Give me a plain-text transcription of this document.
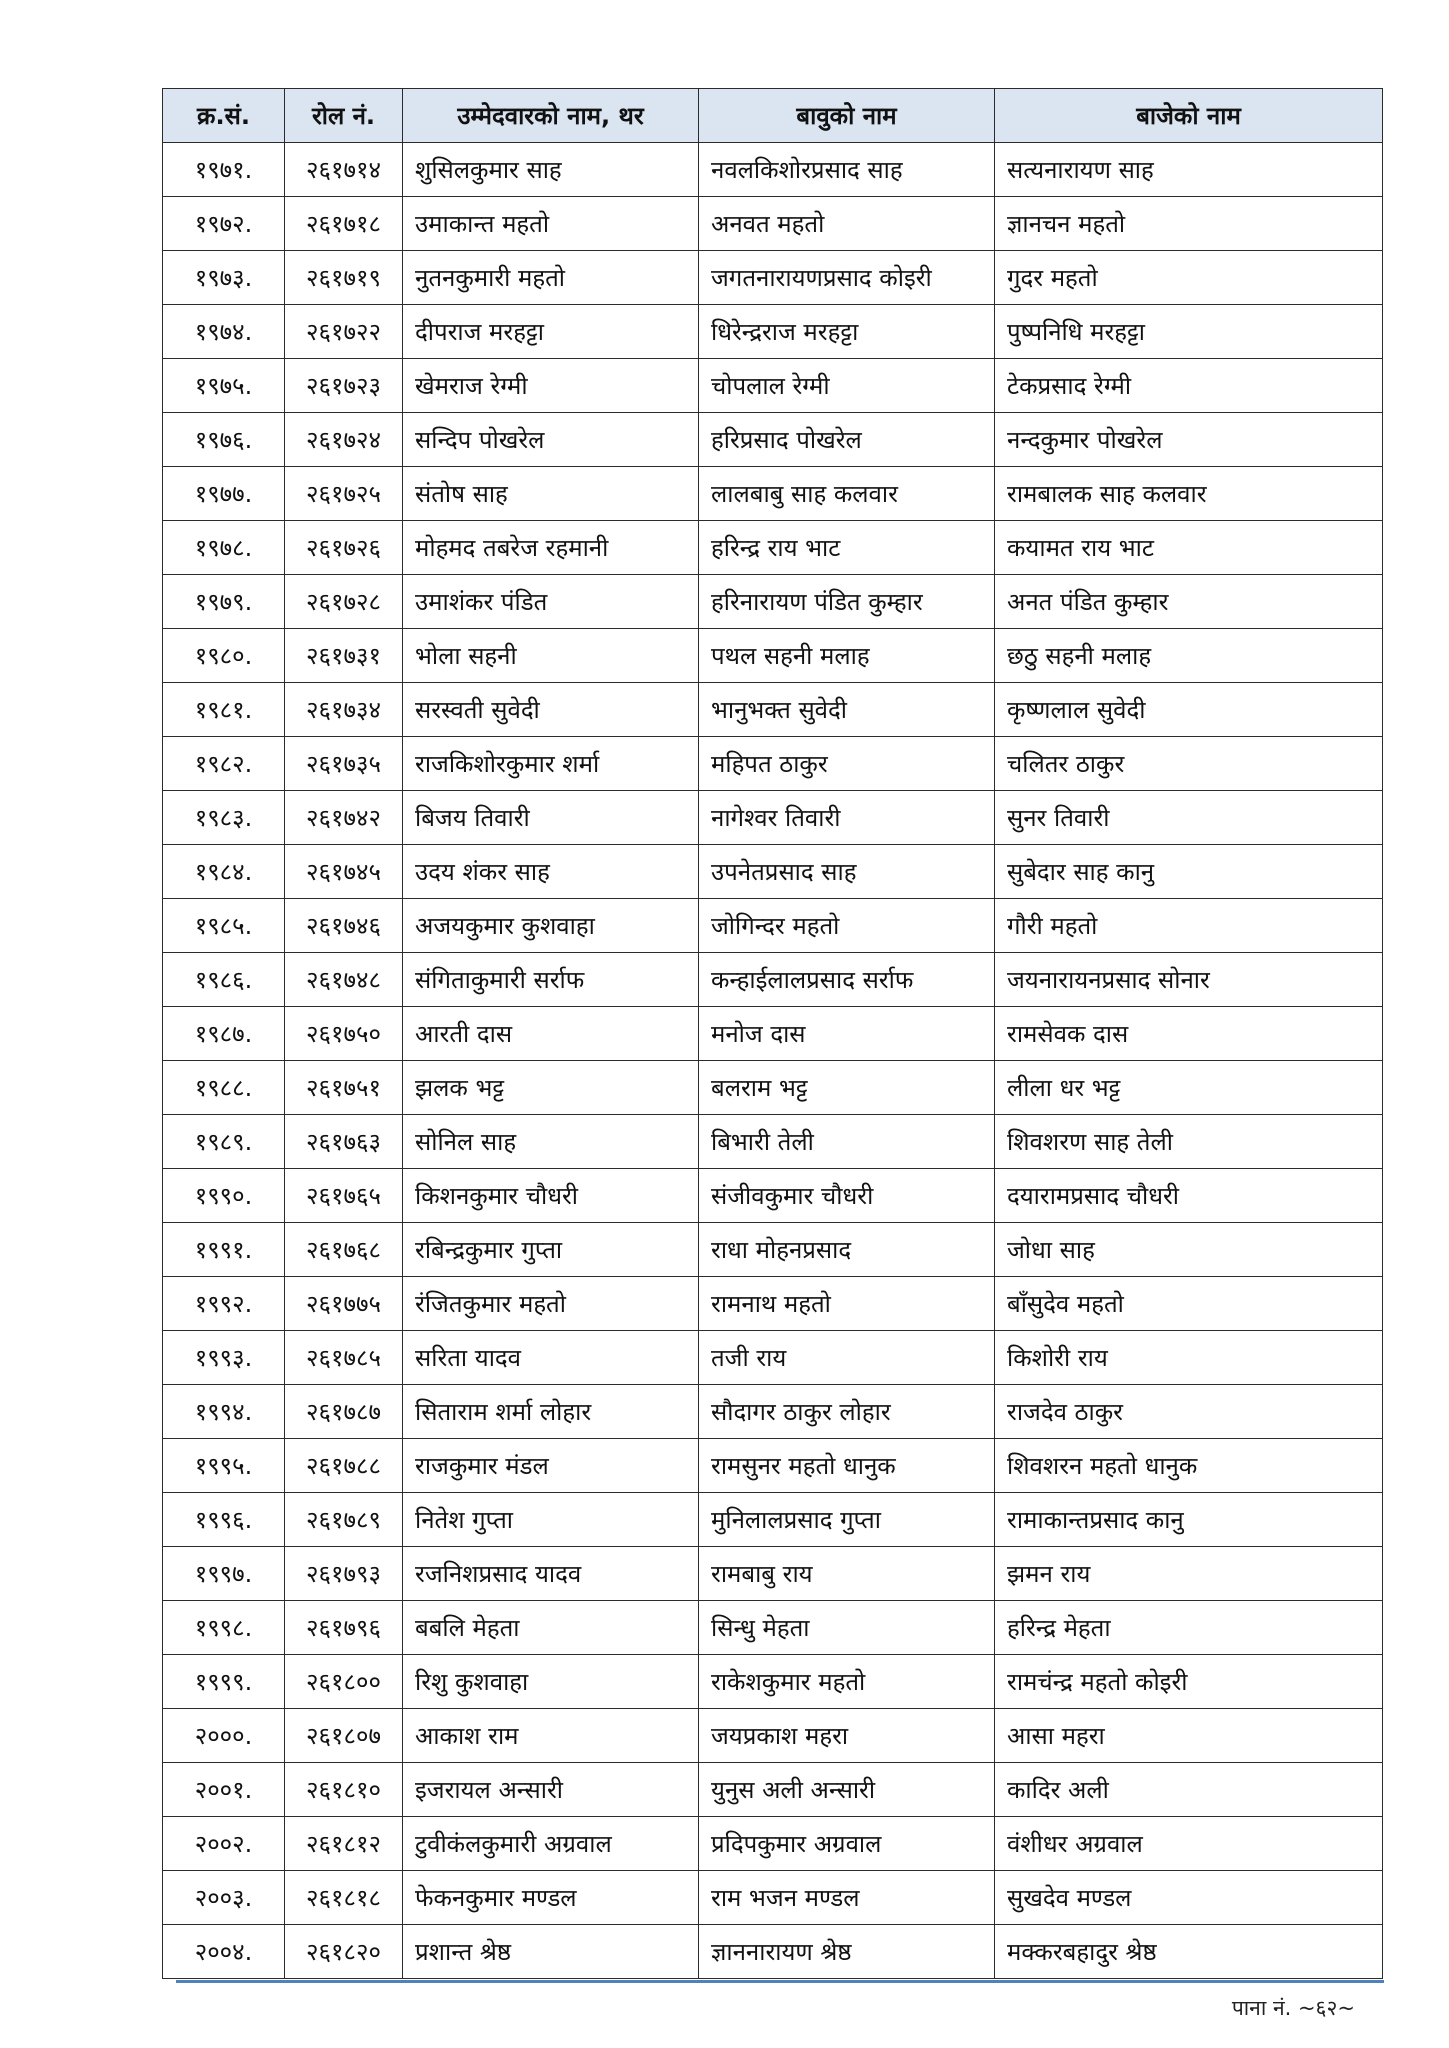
क्र.सं.	रोल नं.	उम्मेदवारको नाम, थर	बावुको नाम	बाजेको नाम
१९७१.	२६१७१४	शुसिलकुमार साह	नवलकिशोरप्रसाद साह	सत्यनारायण साह
१९७२.	२६१७१८	उमाकान्त महतो	अनवत महतो	ज्ञानचन महतो
१९७३.	२६१७१९	नुतनकुमारी महतो	जगतनारायणप्रसाद कोइरी	गुदर महतो
१९७४.	२६१७२२	दीपराज मरहट्टा	धिरेन्द्रराज मरहट्टा	पुष्पनिधि मरहट्टा
१९७५.	२६१७२३	खेमराज रेग्मी	चोपलाल रेग्मी	टेकप्रसाद रेग्मी
१९७६.	२६१७२४	सन्दिप पोखरेल	हरिप्रसाद पोखरेल	नन्दकुमार पोखरेल
१९७७.	२६१७२५	संतोष साह	लालबाबु साह कलवार	रामबालक साह कलवार
१९७८.	२६१७२६	मोहमद तबरेज रहमानी	हरिन्द्र राय भाट	कयामत राय भाट
१९७९.	२६१७२८	उमाशंकर पंडित	हरिनारायण पंडित कुम्हार	अनत पंडित कुम्हार
१९८०.	२६१७३१	भोला सहनी	पथल सहनी मलाह	छठु सहनी मलाह
१९८१.	२६१७३४	सरस्वती सुवेदी	भानुभक्त सुवेदी	कृष्णलाल सुवेदी
१९८२.	२६१७३५	राजकिशोरकुमार शर्मा	महिपत ठाकुर	चलितर ठाकुर
१९८३.	२६१७४२	बिजय तिवारी	नागेश्वर तिवारी	सुनर तिवारी
१९८४.	२६१७४५	उदय शंकर साह	उपनेतप्रसाद साह	सुबेदार साह कानु
१९८५.	२६१७४६	अजयकुमार कुशवाहा	जोगिन्दर महतो	गौरी महतो
१९८६.	२६१७४८	संगिताकुमारी सर्राफ	कन्हाईलालप्रसाद सर्राफ	जयनारायनप्रसाद सोनार
१९८७.	२६१७५०	आरती दास	मनोज दास	रामसेवक दास
१९८८.	२६१७५१	झलक भट्ट	बलराम भट्ट	लीला धर भट्ट
१९८९.	२६१७६३	सोनिल साह	बिभारी तेली	शिवशरण साह तेली
१९९०.	२६१७६५	किशनकुमार चौधरी	संजीवकुमार चौधरी	दयारामप्रसाद चौधरी
१९९१.	२६१७६८	रबिन्द्रकुमार गुप्ता	राधा मोहनप्रसाद	जोधा साह
१९९२.	२६१७७५	रंजितकुमार महतो	रामनाथ महतो	बाँसुदेव महतो
१९९३.	२६१७८५	सरिता यादव	तजी राय	किशोरी राय
१९९४.	२६१७८७	सिताराम शर्मा लोहार	सौदागर ठाकुर लोहार	राजदेव ठाकुर
१९९५.	२६१७८८	राजकुमार मंडल	रामसुनर महतो धानुक	शिवशरन महतो धानुक
१९९६.	२६१७८९	नितेश गुप्ता	मुनिलालप्रसाद गुप्ता	रामाकान्तप्रसाद कानु
१९९७.	२६१७९३	रजनिशप्रसाद यादव	रामबाबु राय	झमन राय
१९९८.	२६१७९६	बबलि मेहता	सिन्धु मेहता	हरिन्द्र मेहता
१९९९.	२६१८००	रिशु कुशवाहा	राकेशकुमार महतो	रामचंन्द्र महतो कोइरी
२०००.	२६१८०७	आकाश राम	जयप्रकाश महरा	आसा महरा
२००१.	२६१८१०	इजरायल अन्सारी	युनुस अली अन्सारी	कादिर अली
२००२.	२६१८१२	टुवीकंलकुमारी अग्रवाल	प्रदिपकुमार अग्रवाल	वंशीधर अग्रवाल
२००३.	२६१८१८	फेकनकुमार मण्डल	राम भजन मण्डल	सुखदेव मण्डल
२००४.	२६१८२०	प्रशान्त श्रेष्ठ	ज्ञाननारायण श्रेष्ठ	मक्करबहादुर श्रेष्ठ
पाना नं. ~६२~
